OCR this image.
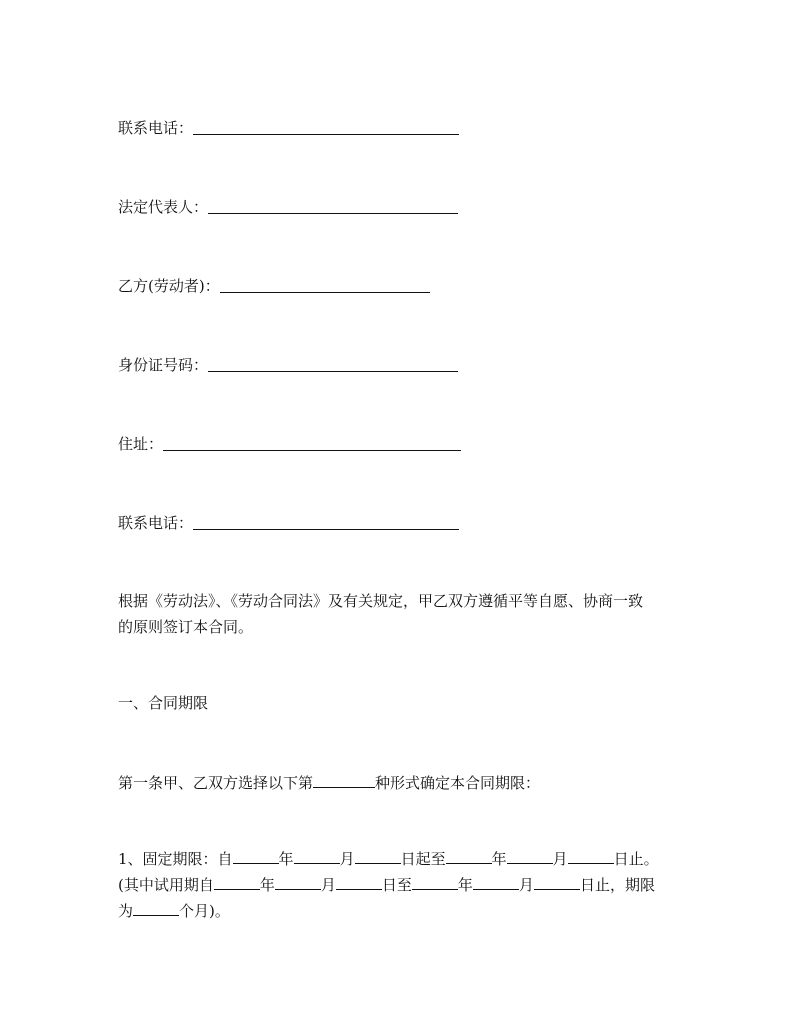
联系电话：
法定代表人：
乙方(劳动者)：
身份证号码：
住址：
联系电话：
根据《劳动法》、《劳动合同法》及有关规定，甲乙双方遵循平等自愿、协商一致
的原则签订本合同。
一、合同期限
第一条甲、乙双方选择以下第	种形式确定本合同期限：
1、固定期限：自	年	月	日起至	年	月	日止。
(其中试用期自	年	月	日至	年	月	日止，期限
为	个月)。
